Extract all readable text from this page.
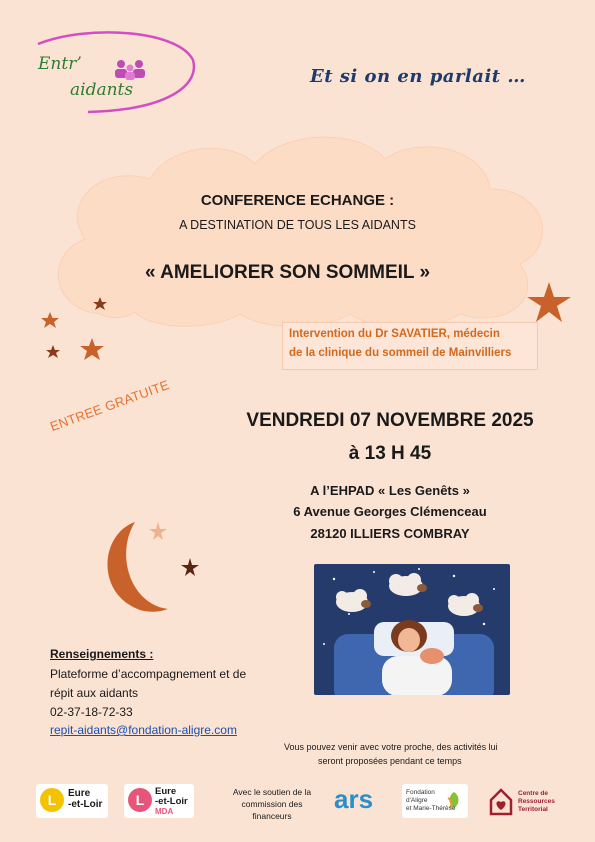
Entr’
aidants
Et si on en parlait …
CONFERENCE ECHANGE :
A DESTINATION DE TOUS LES AIDANTS
« AMELIORER SON SOMMEIL »
Intervention du Dr SAVATIER, médecin
de la clinique du sommeil de Mainvilliers
ENTREE GRATUITE	VENDREDI 07 NOVEMBRE 2025
à 13 H 45
A l’EHPAD « Les Genêts »
6 Avenue Georges Clémenceau
28120 ILLIERS COMBRAY
Renseignements :
Plateforme d’accompagnement et de
répit aux aidants
02-37-18-72-33
repit-aidants@fondation-aligre.com
Vous pouvez venir avec votre proche, des activités lui
seront proposées pendant ce temps
L	Eure
-et-Loir	L
Eure
-et-Loir
MDA
Avec le soutien de la commission des financeurs
ars	Fondation
d'Aligre
et Marie-Thérèse
Centre de
Ressources
Territorial
